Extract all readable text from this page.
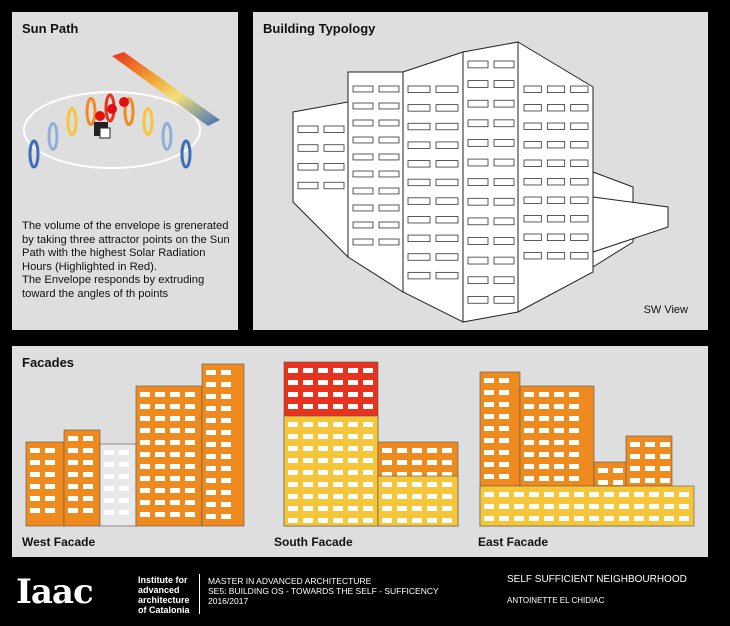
Sun Path

The volume of the envelope is grenerated

by taking three attractor points on the Sun

Path with the highest Solar Radiation

Hours (Highlighted in Red).

The Envelope responds by extruding

toward the angles of th points

Building Typology
SW View
Facades
West Facade	South Facade	East Facade
Iaac	Institute for
advanced
architecture
of Catalonia
MASTER IN ADVANCED ARCHITECTURE
SE5: BUILDING OS - TOWARDS THE SELF - SUFFICENCY
2016/2017
SELF SUFFICIENT NEIGHBOURHOOD
ANTOINETTE EL CHIDIAC
